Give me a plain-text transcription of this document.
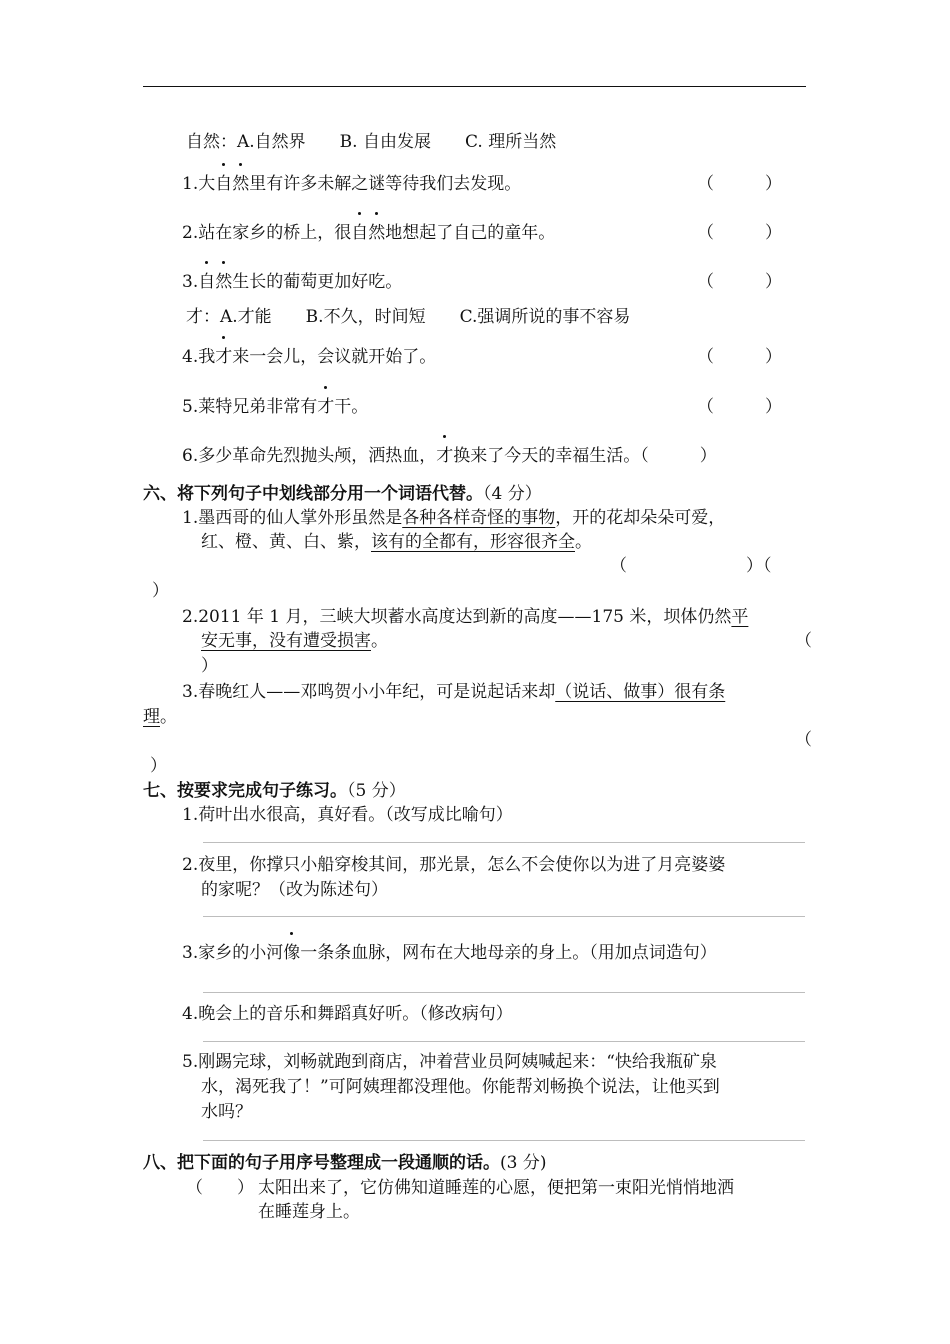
自然：A.自然界　　B. 自由发展　　C. 理所当然
1.大自然里有许多未解之谜等待我们去发现。	（　　　）
2.站在家乡的桥上，很自然地想起了自己的童年。	（　　　）
3.自然生长的葡萄更加好吃。	（　　　）
才：A.才能　　B.不久，时间短　　C.强调所说的事不容易
4.我才来一会儿，会议就开始了。	（　　　）
5.莱特兄弟非常有才干。	（　　　）
6.多少革命先烈抛头颅，洒热血，才换来了今天的幸福生活。（　　　）
六、将下列句子中划线部分用一个词语代替。（4 分）
1.墨西哥的仙人掌外形虽然是各种各样奇怪的事物，开的花却朵朵可爱，
红、橙、黄、白、紫，该有的全都有，形容很齐全。
（　　　　　　　）（
）
2.2011 年 1 月，三峡大坝蓄水高度达到新的高度——175 米，坝体仍然平
安无事，没有遭受损害。	（
）
3.春晚红人——邓鸣贺小小年纪，可是说起话来却（说话、做事）很有条
理。
（
）
七、按要求完成句子练习。（5 分）
1.荷叶出水很高，真好看。（改写成比喻句）
2.夜里，你撑只小船穿梭其间，那光景，怎么不会使你以为进了月亮婆婆
的家呢？（改为陈述句）
3.家乡的小河像一条条血脉，网布在大地母亲的身上。（用加点词造句）
4.晚会上的音乐和舞蹈真好听。（修改病句）
5.刚踢完球，刘畅就跑到商店，冲着营业员阿姨喊起来：“快给我瓶矿泉
水，渴死我了！”可阿姨理都没理他。你能帮刘畅换个说法，让他买到
水吗？
八、把下面的句子用序号整理成一段通顺的话。(3 分)
（　　） 太阳出来了，它仿佛知道睡莲的心愿，便把第一束阳光悄悄地洒
在睡莲身上。
